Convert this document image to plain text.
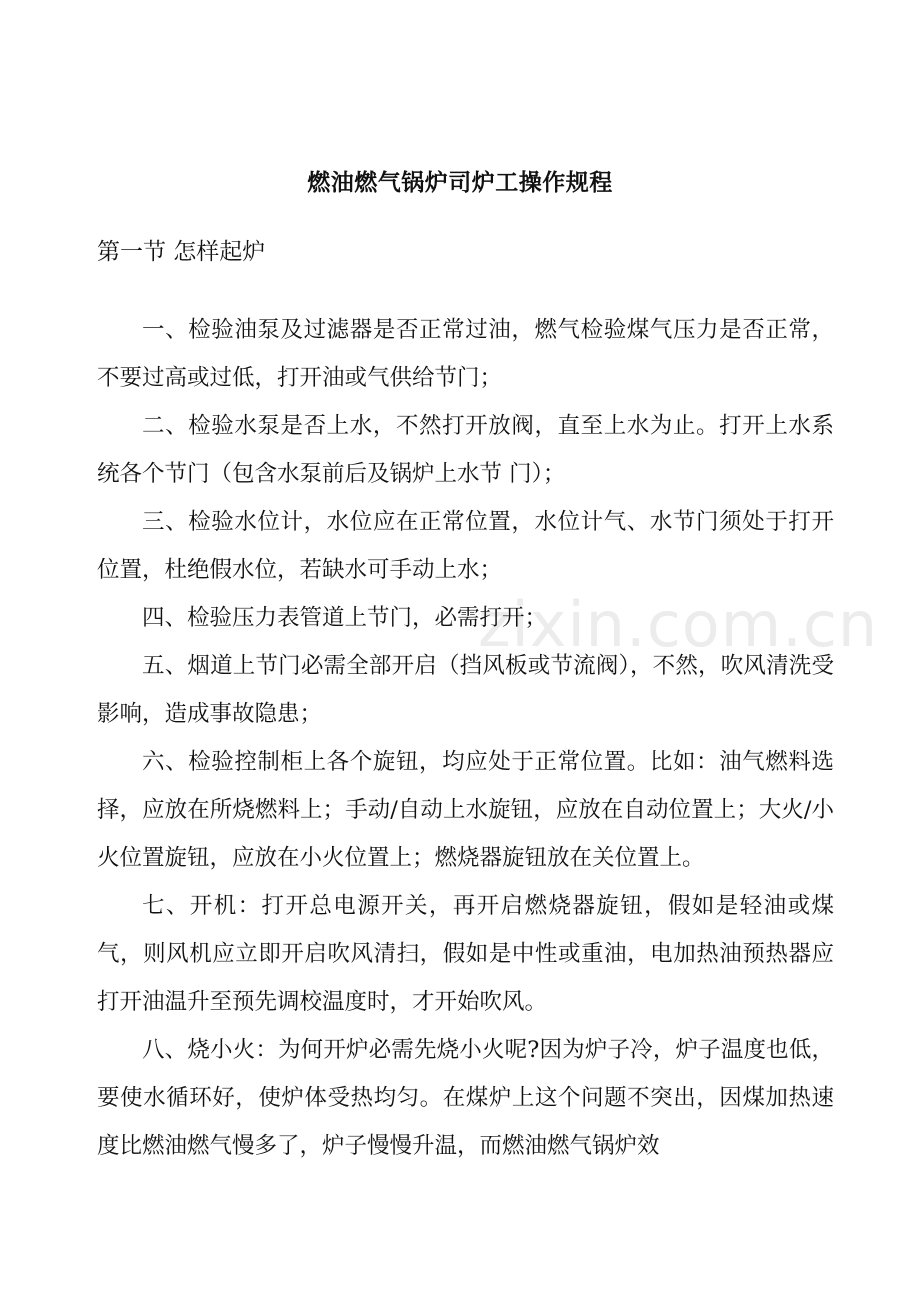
zixin.com.cn
燃油燃气锅炉司炉工操作规程
第一节 怎样起炉

一、检验油泵及过滤器是否正常过油，燃气检验煤气压力是否正常，不要过高或过低，打开油或气供给节门；

二、检验水泵是否上水，不然打开放阀，直至上水为止。打开上水系统各个节门（包含水泵前后及锅炉上水节 门）；

三、检验水位计，水位应在正常位置，水位计气、水节门须处于打开位置，杜绝假水位，若缺水可手动上水；

四、检验压力表管道上节门，必需打开；

五、烟道上节门必需全部开启（挡风板或节流阀），不然，吹风清洗受影响，造成事故隐患；

六、检验控制柜上各个旋钮，均应处于正常位置。比如：油气燃料选择，应放在所烧燃料上；手动/自动上水旋钮，应放在自动位置上；大火/小火位置旋钮，应放在小火位置上；燃烧器旋钮放在关位置上。

七、开机：打开总电源开关，再开启燃烧器旋钮，假如是轻油或煤气，则风机应立即开启吹风清扫，假如是中性或重油，电加热油预热器应打开油温升至预先调校温度时，才开始吹风。

八、烧小火：为何开炉必需先烧小火呢?因为炉子冷，炉子温度也低，要使水循环好，使炉体受热均匀。在煤炉上这个问题不突出，因煤加热速度比燃油燃气慢多了，炉子慢慢升温，而燃油燃气锅炉效
